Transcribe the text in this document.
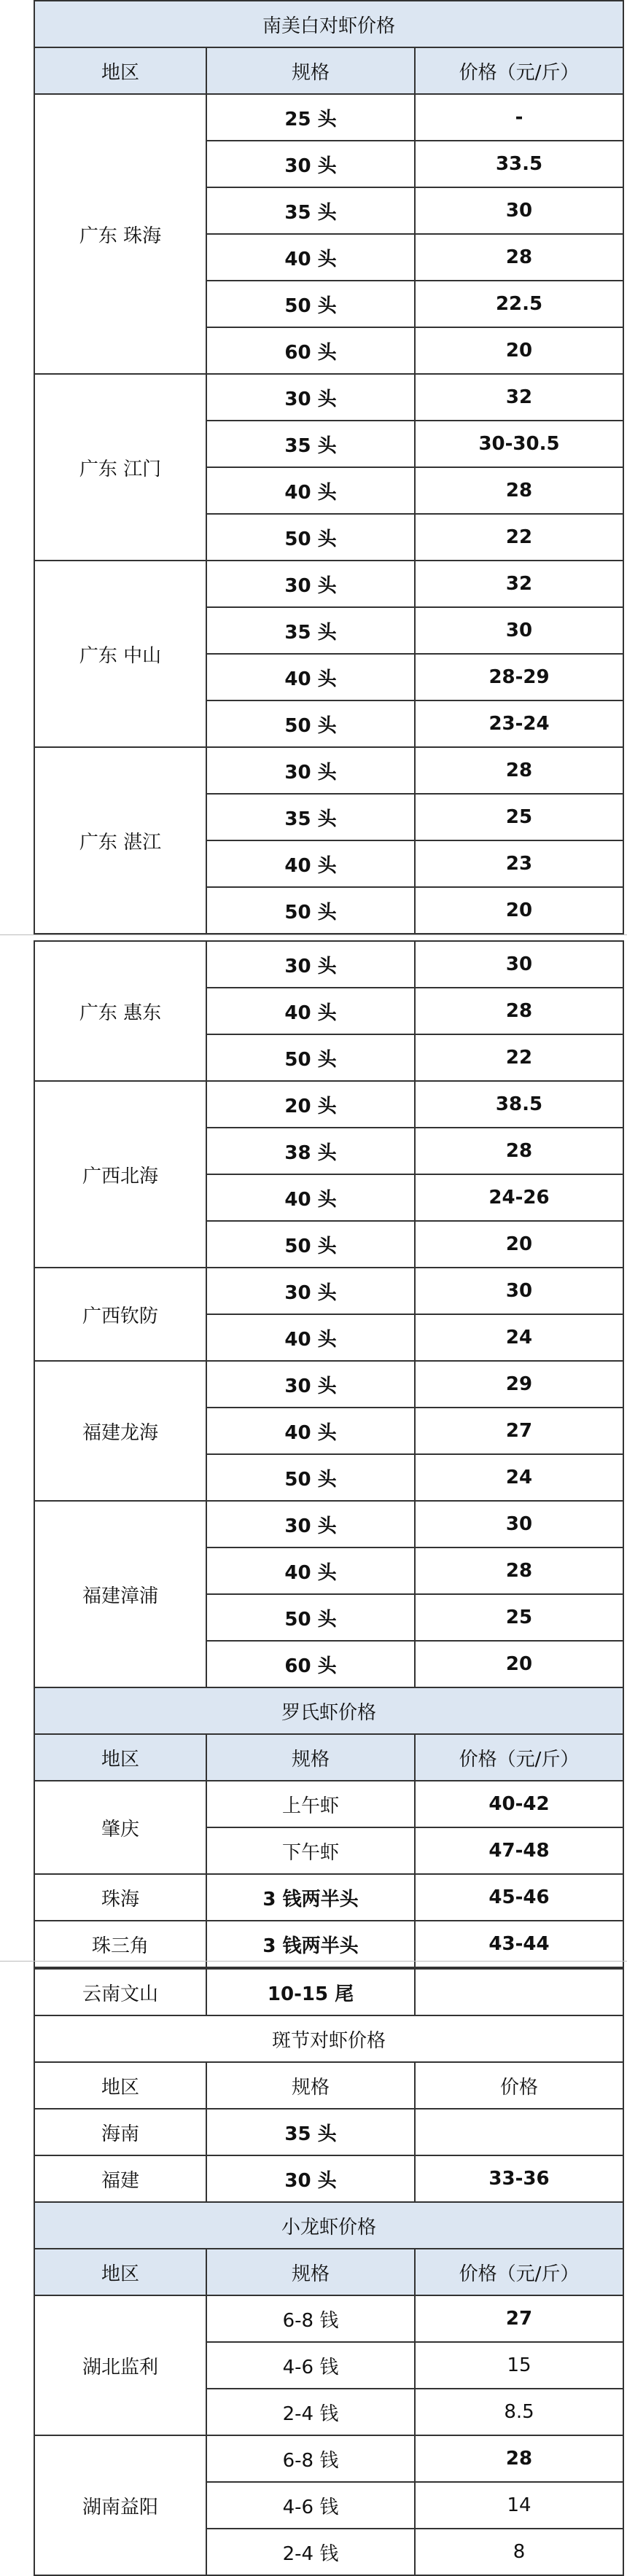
南美白对虾价格		
地区	规格	价格（元/斤）
广东 珠海	25 头	-
	30 头	33.5
	35 头	30
	40 头	28
	50 头	22.5
	60 头	20
广东 江门	30 头	32
	35 头	30-30.5
	40 头	28
	50 头	22
广东 中山	30 头	32
	35 头	30
	40 头	28-29
	50 头	23-24
广东 湛江	30 头	28
	35 头	25
	40 头	23
	50 头	20
广东 惠东	30 头	30
	40 头	28
	50 头	22
广西北海	20 头	38.5
	38 头	28
	40 头	24-26
	50 头	20
广西钦防	30 头	30
	40 头	24
福建龙海	30 头	29
	40 头	27
	50 头	24
福建漳浦	30 头	30
	40 头	28
	50 头	25
	60 头	20
罗氏虾价格		
地区	规格	价格（元/斤）
肇庆	上午虾	40-42
	下午虾	47-48
珠海	3 钱两半头	45-46
珠三角	3 钱两半头	43-44
云南文山	10-15 尾	
斑节对虾价格		
地区	规格	价格
海南	35 头	
福建	30 头	33-36
小龙虾价格		
地区	规格	价格（元/斤）
湖北监利	6-8 钱	27
	4-6 钱	15
	2-4 钱	8.5
湖南益阳	6-8 钱	28
	4-6 钱	14
	2-4 钱	8
